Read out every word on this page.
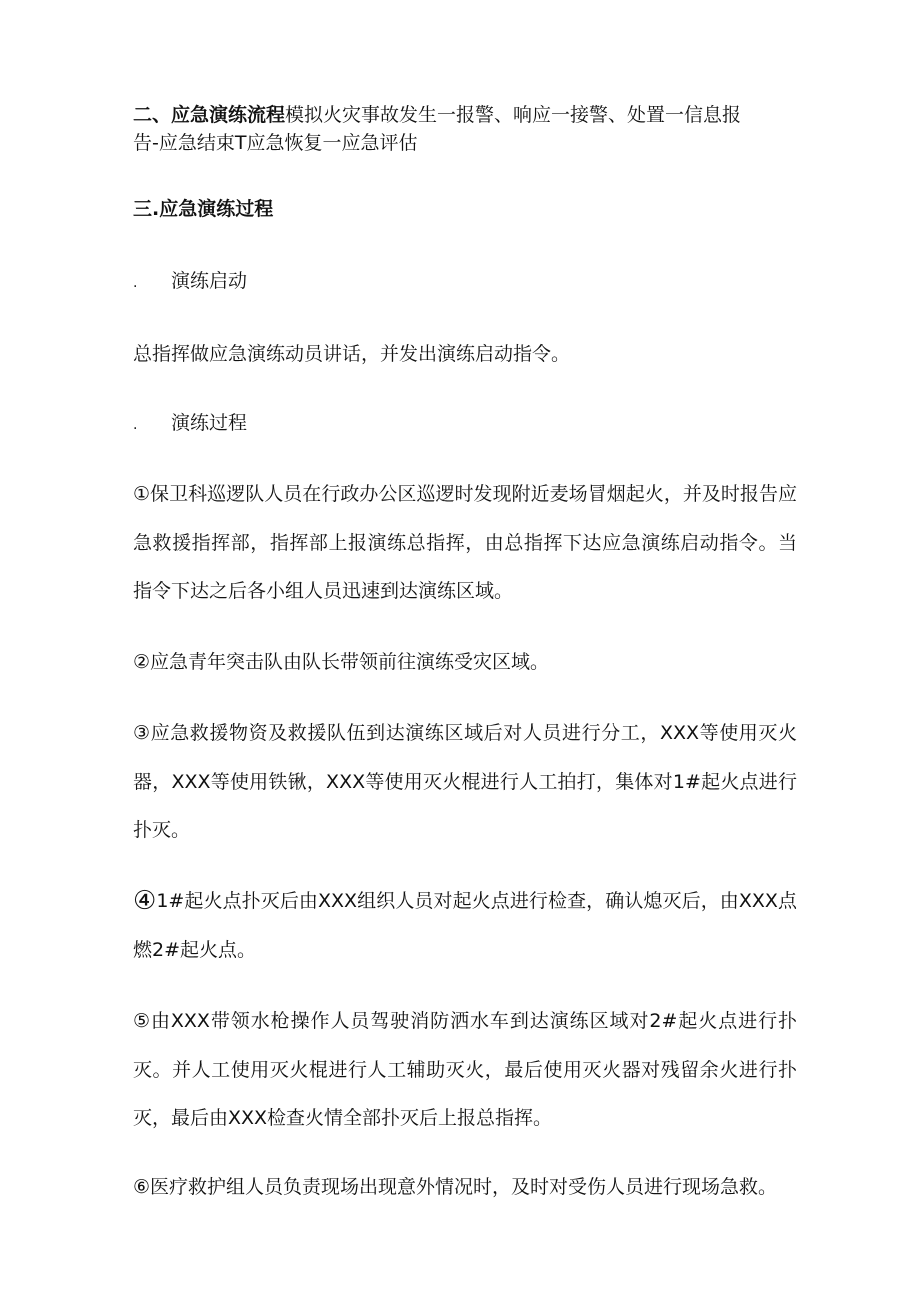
二、应急演练流程模拟火灾事故发生一报警、响应一接警、处置一信息报
告-应急结束T应急恢复一应急评估
三.应急演练过程
. 演练启动
总指挥做应急演练动员讲话，并发出演练启动指令。
. 演练过程

①保卫科巡逻队人员在行政办公区巡逻时发现附近麦场冒烟起火，并及时报告应急救援指挥部，指挥部上报演练总指挥，由总指挥下达应急演练启动指令。当指令下达之后各小组人员迅速到达演练区域。

②应急青年突击队由队长带领前往演练受灾区域。

③应急救援物资及救援队伍到达演练区域后对人员进行分工，XXX等使用灭火器，XXX等使用铁锹，XXX等使用灭火棍进行人工拍打，集体对1#起火点进行扑灭。

④1#起火点扑灭后由XXX组织人员对起火点进行检查，确认熄灭后，由XXX点燃2#起火点。

⑤由XXX带领水枪操作人员驾驶消防洒水车到达演练区域对2#起火点进行扑灭。并人工使用灭火棍进行人工辅助灭火，最后使用灭火器对残留余火进行扑灭，最后由XXX检查火情全部扑灭后上报总指挥。

⑥医疗救护组人员负责现场出现意外情况时，及时对受伤人员进行现场急救。
